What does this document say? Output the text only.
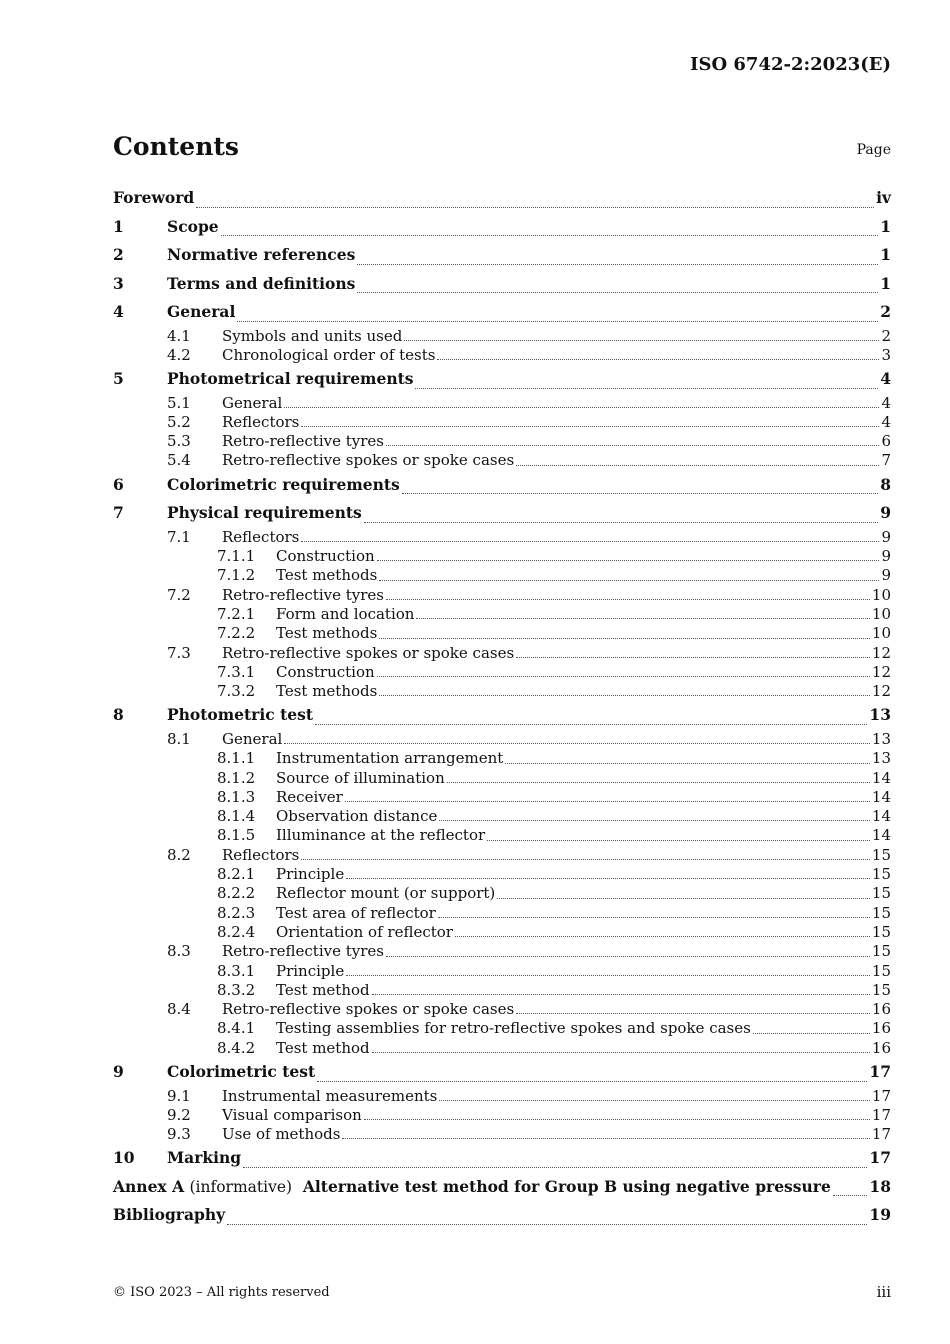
ISO 6742-2:2023(E)
Contents	Page
Foreword	iv
1	Scope	1
2	Normative references	1
3	Terms and definitions	1
4	General	2
4.1	Symbols and units used	2
4.2	Chronological order of tests	3
5	Photometrical requirements	4
5.1	General	4
5.2	Reflectors	4
5.3	Retro-reflective tyres	6
5.4	Retro-reflective spokes or spoke cases	7
6	Colorimetric requirements	8
7	Physical requirements	9
7.1	Reflectors	9
7.1.1	Construction	9
7.1.2	Test methods	9
7.2	Retro-reflective tyres	10
7.2.1	Form and location	10
7.2.2	Test methods	10
7.3	Retro-reflective spokes or spoke cases	12
7.3.1	Construction	12
7.3.2	Test methods	12
8	Photometric test	13
8.1	General	13
8.1.1	Instrumentation arrangement	13
8.1.2	Source of illumination	14
8.1.3	Receiver	14
8.1.4	Observation distance	14
8.1.5	Illuminance at the reflector	14
8.2	Reflectors	15
8.2.1	Principle	15
8.2.2	Reflector mount (or support)	15
8.2.3	Test area of reflector	15
8.2.4	Orientation of reflector	15
8.3	Retro-reflective tyres	15
8.3.1	Principle	15
8.3.2	Test method	15
8.4	Retro-reflective spokes or spoke cases	16
8.4.1	Testing assemblies for retro-reflective spokes and spoke cases	16
8.4.2	Test method	16
9	Colorimetric test	17
9.1	Instrumental measurements	17
9.2	Visual comparison	17
9.3	Use of methods	17
10	Marking	17
Annex A (informative) Alternative test method for Group B using negative pressure 18
Bibliography	19
© ISO 2023 – All rights reserved	iii
